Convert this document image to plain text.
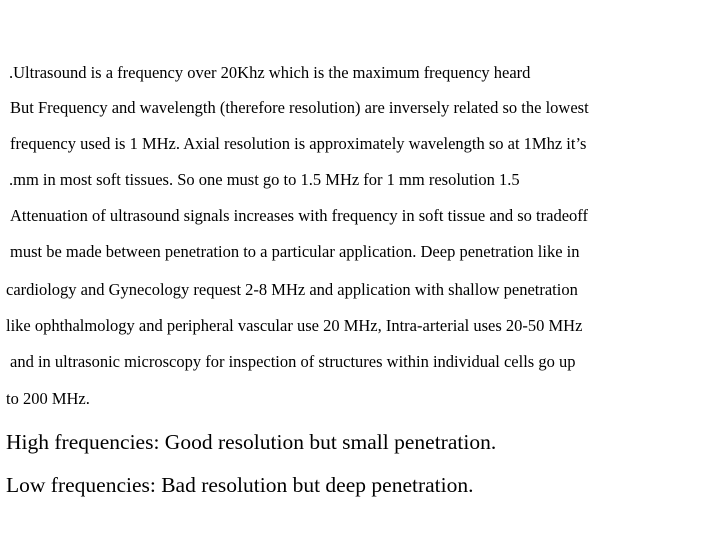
.Ultrasound is a frequency over 20Khz which is the maximum frequency heard
But Frequency and wavelength (therefore resolution) are inversely related so the lowest
frequency used is 1 MHz. Axial resolution is approximately wavelength so at 1Mhz it’s
.mm in most soft tissues. So one must go to 1.5 MHz for 1 mm resolution 1.5
Attenuation of ultrasound signals increases with frequency in soft tissue and so tradeoff
must be made between penetration to a particular application. Deep penetration like in
cardiology and Gynecology request 2-8 MHz and application with shallow penetration
like ophthalmology and peripheral vascular use 20 MHz, Intra-arterial uses 20-50 MHz
and in ultrasonic microscopy for inspection of structures within individual cells go up
to 200 MHz.
High frequencies: Good resolution but small penetration.
Low frequencies: Bad resolution but deep penetration.
